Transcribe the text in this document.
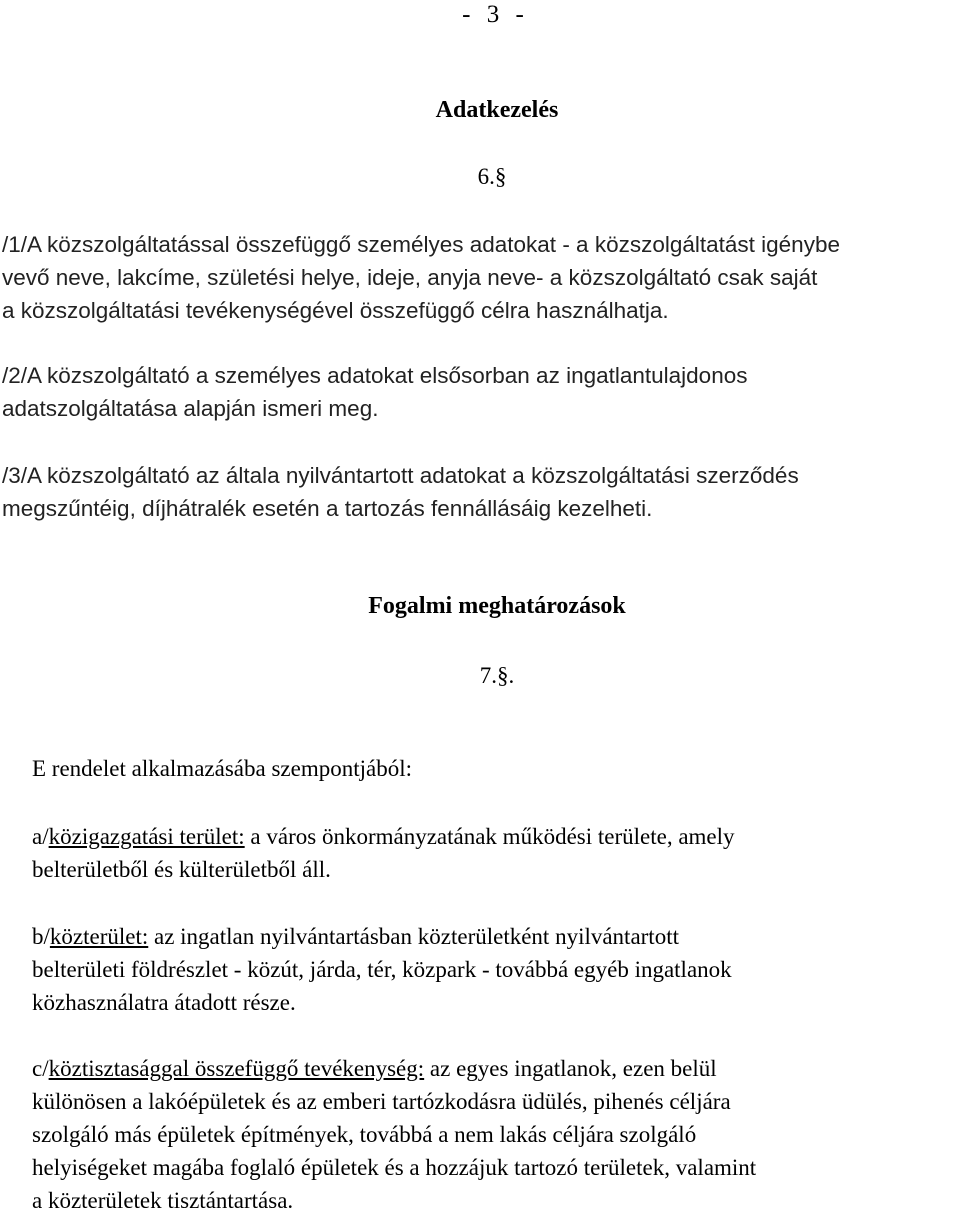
- 3 -
Adatkezelés
6.§
/1/A közszolgáltatással összefüggő személyes adatokat - a közszolgáltatást igénybe
vevő neve, lakcíme, születési helye, ideje, anyja neve- a közszolgáltató csak saját
a közszolgáltatási tevékenységével összefüggő célra használhatja.
/2/A közszolgáltató a személyes adatokat elsősorban az ingatlantulajdonos
adatszolgáltatása alapján ismeri meg.
/3/A közszolgáltató az általa nyilvántartott adatokat a közszolgáltatási szerződés
megszűntéig, díjhátralék esetén a tartozás fennállásáig kezelheti.
Fogalmi meghatározások
7.§.
E rendelet alkalmazásába szempontjából:
a/közigazgatási terület: a város önkormányzatának működési területe, amely
belterületből és külterületből áll.
b/közterület: az ingatlan nyilvántartásban közterületként nyilvántartott
belterületi földrészlet - közút, járda, tér, közpark - továbbá egyéb ingatlanok
közhasználatra átadott része.
c/köztisztasággal összefüggő tevékenység: az egyes ingatlanok, ezen belül
különösen a lakóépületek és az emberi tartózkodásra üdülés, pihenés céljára
szolgáló más épületek építmények, továbbá a nem lakás céljára szolgáló
helyiségeket magába foglaló épületek és a hozzájuk tartozó területek, valamint
a közterületek tisztántartása.
